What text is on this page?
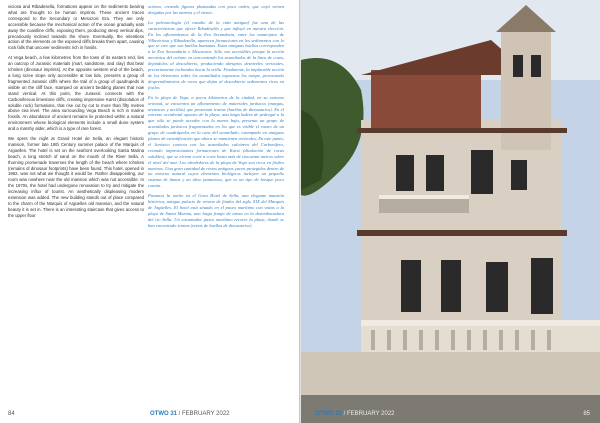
viciosa and Ribadesella, formations appear on the sediments bearing what are thought to be human imprints. These ancient traces correspond to the Secondary or Mesozoic Era. They are only accessible because the mechanical action of the ocean gradually eats away the coastline cliffs, exposing them, producing steep vertical dips, precariously inclined towards the shore. Eventually, the relentless action of the elements on the exposed cliffs breaks them apart, causing rock falls that uncover sediments rich in fossils.

At Vega beach, a few kilometres from the town of its eastern end, lies an outcrop of Jurassic materials (marl, sandstone, and clay) that bear Ichnites (dinosaur imprints). At the opposite western end of the beach, a long scree slope only accessible at low tide, presents a group of fragmented Jurassic cliffs where the trail of a group of quadrupeds is visible on the cliff face, stamped on ancient bedding planes that now stand vertical. At this point, the Jurassic connects with the Carboniferous limestone cliffs, creating impressive Karst (dissolution of soluble rock) formations, that rise cut by cut to more than fifty metres above sea level. The area surrounding Vega Beach is rich in marine fossils. An abundance of ancient remains lie protected within a natural environment whose biological elements include a small dune system and a marshy alder, which is a type of rare forest.

We spent the night at Grand Hotel de Sella, an elegant historic mansion, former late 19th Century summer palace of the Marquis of Argüelles. The hotel is set on the seafront overlooking Santa Marina beach, a long stretch of sand on the mouth of the River Sella. A thorning promenade traverses the length of the beach where Ichnites (remains of dinosaur footprints) have been found. This hotel, opened in 1962, was not what we thought it would be. Rather disappointing, our room was nowhere near the old mansion which was not accessible. In the 1970s, the hotel had undergone renovation to try and mitigate the increasing influx of tourist. An aesthetically displeasing modern extension was added. The new building stands out of place compared to the charm of the Marquis of Argüelles old mansion, and the natural beauty it is set in. There is an interesting staircase that gives access to the upper floor

océano, creando figuras plasmadas con poco orden, que cayó vienen dirigidas por las mareas y el viento.

La paleontología (el estudio de la vida antigua) fue una de las características que ofrece Ribadesella y que influyó en nuestra elección. En los afloramientos de la Era Secundaria, entre los municipios de Villaviciosa y Ribadesella, aparecen formaciones en los sedimentos con lo que se cree que son huellas humanas. Estas antiguas huellas corresponden a la Era Secundaria o Mesozoica. Sólo son accesibles porque la acción mecánica del océano va carcomiendo los acantilados de la línea de costa, dejándolos al descubierto, produciendo abruptos desniveles verticales, precariamente inclinados hacia la orilla. Finalmente, la implacable acción de los elementos sobre los acantilados expuestos los rompe, provocando desprendimientos de rocas que dejan al descubierto sedimentos ricos en fósiles.

En la playa de Vega, a pocos kilómetros de la ciudad, en su extremo oriental, se encuentra un afloramiento de materiales jurásicos (margas, areniscas y arcillas) que presentan icnitas (huellas de dinosaurios). En el extremo occidental opuesto de la playa, una larga ladera de pedregal a la que sólo se puede acceder con la marea baja, presenta un grupo de acantilados jurásicos fragmentados en los que es visible el rastro de un grupo de cuadrúpedos en la cara del acantilado, estampado en antiguos planos de estratificación que ahora se mantienen verticales. En este punto, el Jurásico conecta con los acantilados calcáreos del Carbonífero, creando impresionantes formaciones de Karst (disolución de rocas solubles), que se elevan corte a corte hasta más de cincuenta metros sobre el nivel del mar. Los alrededores de la playa de Vega son ricos en fósiles marinos. Una gran cantidad de restos antiguos yacen protegidos dentro de un entorno natural cuyos elementos biológicos incluyen un pequeño sistema de dunas y un aliso pantanoso, que es un tipo de bosque poco común.

Pasamos la noche en el Gran Hotel de Sella, una elegante mansión histórica, antiguo palacio de verano de finales del siglo XIX del Marqués de Argüelles. El hotel está situado en el paseo marítimo con vistas a la playa de Santa Marina, una larga franja de arena en la desembocadura del río Sella. Un encantador paseo marítimo recorre la playa, donde se han encontrado icnitas (restos de huellas de dinosaurios)

84	OTWO 31 / FEBRUARY 2022	OTWO 31 / FEBRUARY 2022	85
